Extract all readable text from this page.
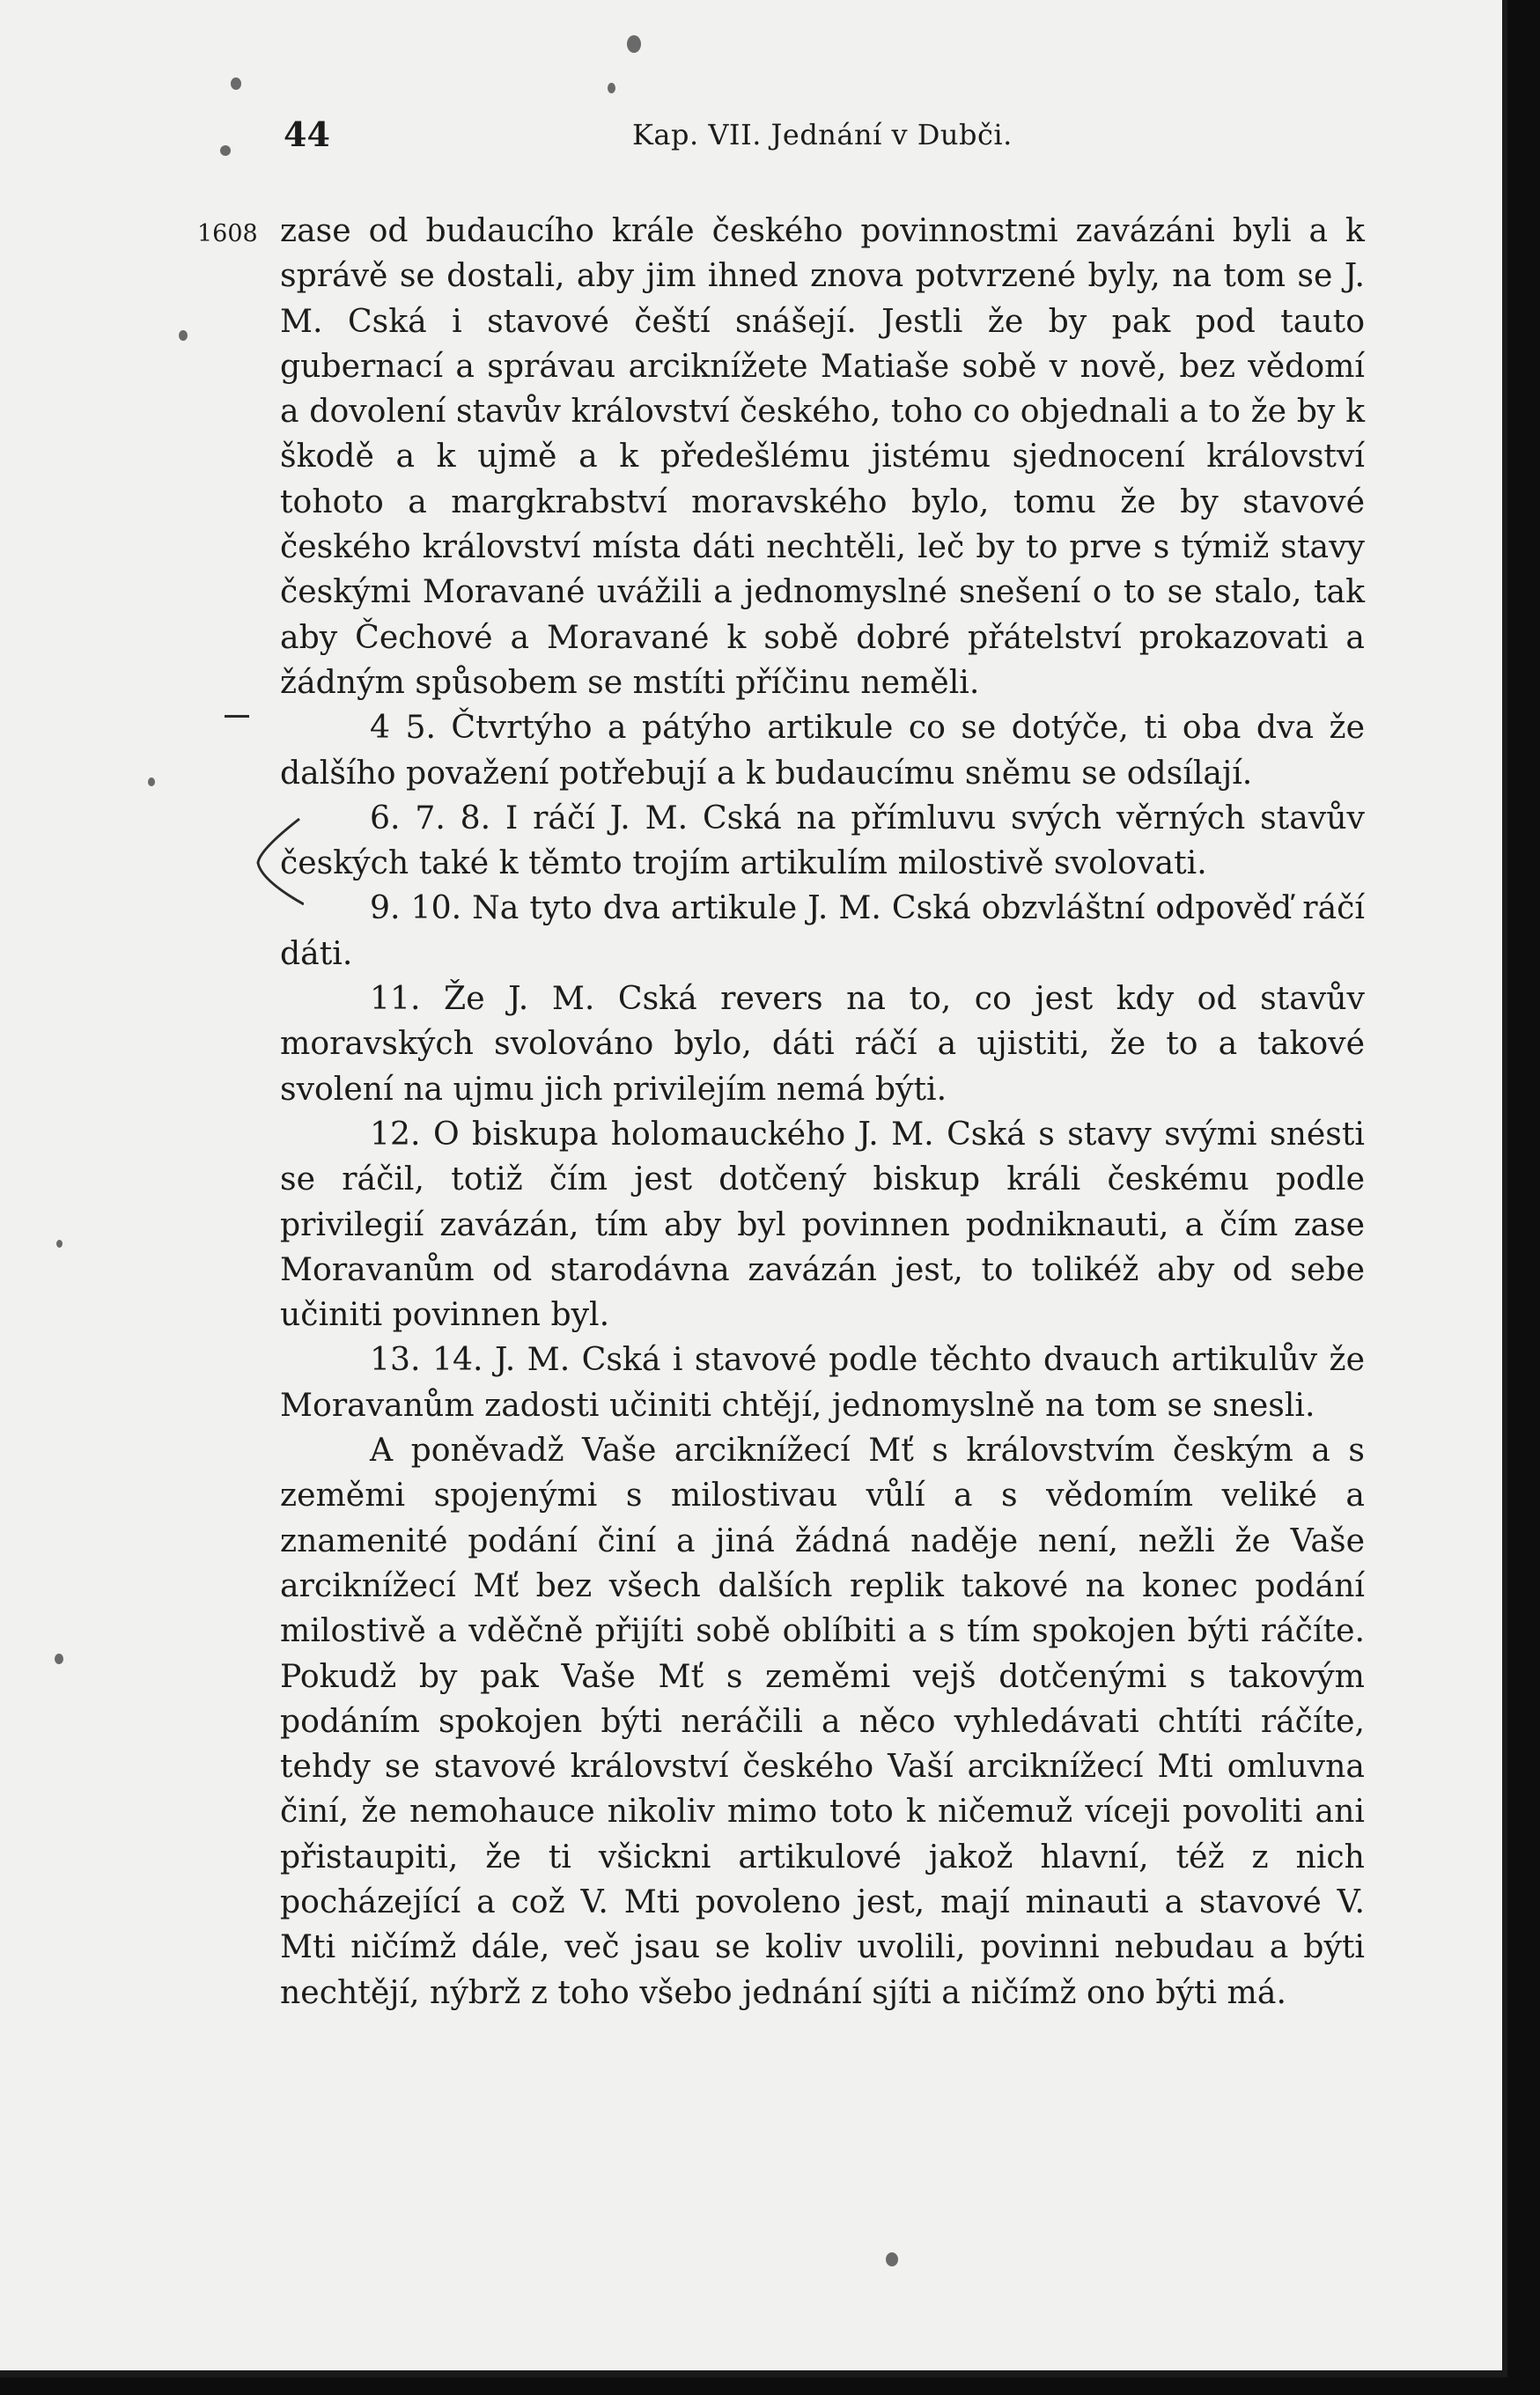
44	Kap. VII. Jednání v Dubči.
1608 zase od budaucího krále českého povinnostmi zavázáni byli a k správě se dostali, aby jim ihned znova potvrzené byly, na tom se J. M. Cská i stavové čeští snášejí. Jestli že by pak pod tauto gubernací a správau arciknížete Matiaše sobě v nově, bez vědomí a dovolení stavův království českého, toho co objednali a to že by k škodě a k ujmě a k předešlému jistému sjednocení království tohoto a margkrabství moravského bylo, tomu že by stavové českého království místa dáti nechtěli, leč by to prve s týmiž stavy českými Moravané uvážili a jednomyslné snešení o to se stalo, tak aby Čechové a Moravané k sobě dobré přátelství prokazovati a žádným spůsobem se mstíti příčinu neměli.

4 5. Čtvrtýho a pátýho artikule co se dotýče, ti oba dva že dalšího považení potřebují a k budaucímu sněmu se odsílají.

6. 7. 8. I ráčí J. M. Cská na přímluvu svých věrných stavův českých také k těmto trojím artikulím milostivě svolovati.

9. 10. Na tyto dva artikule J. M. Cská obzvláštní odpověď ráčí dáti.

11. Že J. M. Cská revers na to, co jest kdy od stavův moravských svolováno bylo, dáti ráčí a ujistiti, že to a takové svolení na ujmu jich privilejím nemá býti.

12. O biskupa holomauckého J. M. Cská s stavy svými snésti se ráčil, totiž čím jest dotčený biskup králi českému podle privilegií zavázán, tím aby byl povinnen podniknauti, a čím zase Moravanům od starodávna zavázán jest, to tolikéž aby od sebe učiniti povinnen byl.

13. 14. J. M. Cská i stavové podle těchto dvauch artikulův že Moravanům zadosti učiniti chtějí, jednomyslně na tom se snesli.

A poněvadž Vaše arciknížecí Mť s královstvím českým a s zeměmi spojenými s milostivau vůlí a s vědomím veliké a znamenité podání činí a jiná žádná naděje není, nežli že Vaše arciknížecí Mť bez všech dalších replik takové na konec podání milostivě a vděčně přijíti sobě oblíbiti a s tím spokojen býti ráčíte. Pokudž by pak Vaše Mť s zeměmi vejš dotčenými s takovým podáním spokojen býti neráčili a něco vyhledávati chtíti ráčíte, tehdy se stavové království českého Vaší arciknížecí Mti omluvna činí, že nemohauce nikoliv mimo toto k ničemuž víceji povoliti ani přistaupiti, že ti všickni artikulové jakož hlavní, též z nich pocházející a což V. Mti povoleno jest, mají minauti a stavové V. Mti ničímž dále, več jsau se koliv uvolili, povinni nebudau a býti nechtějí, nýbrž z toho všebo jednání sjíti a ničímž ono býti má.
